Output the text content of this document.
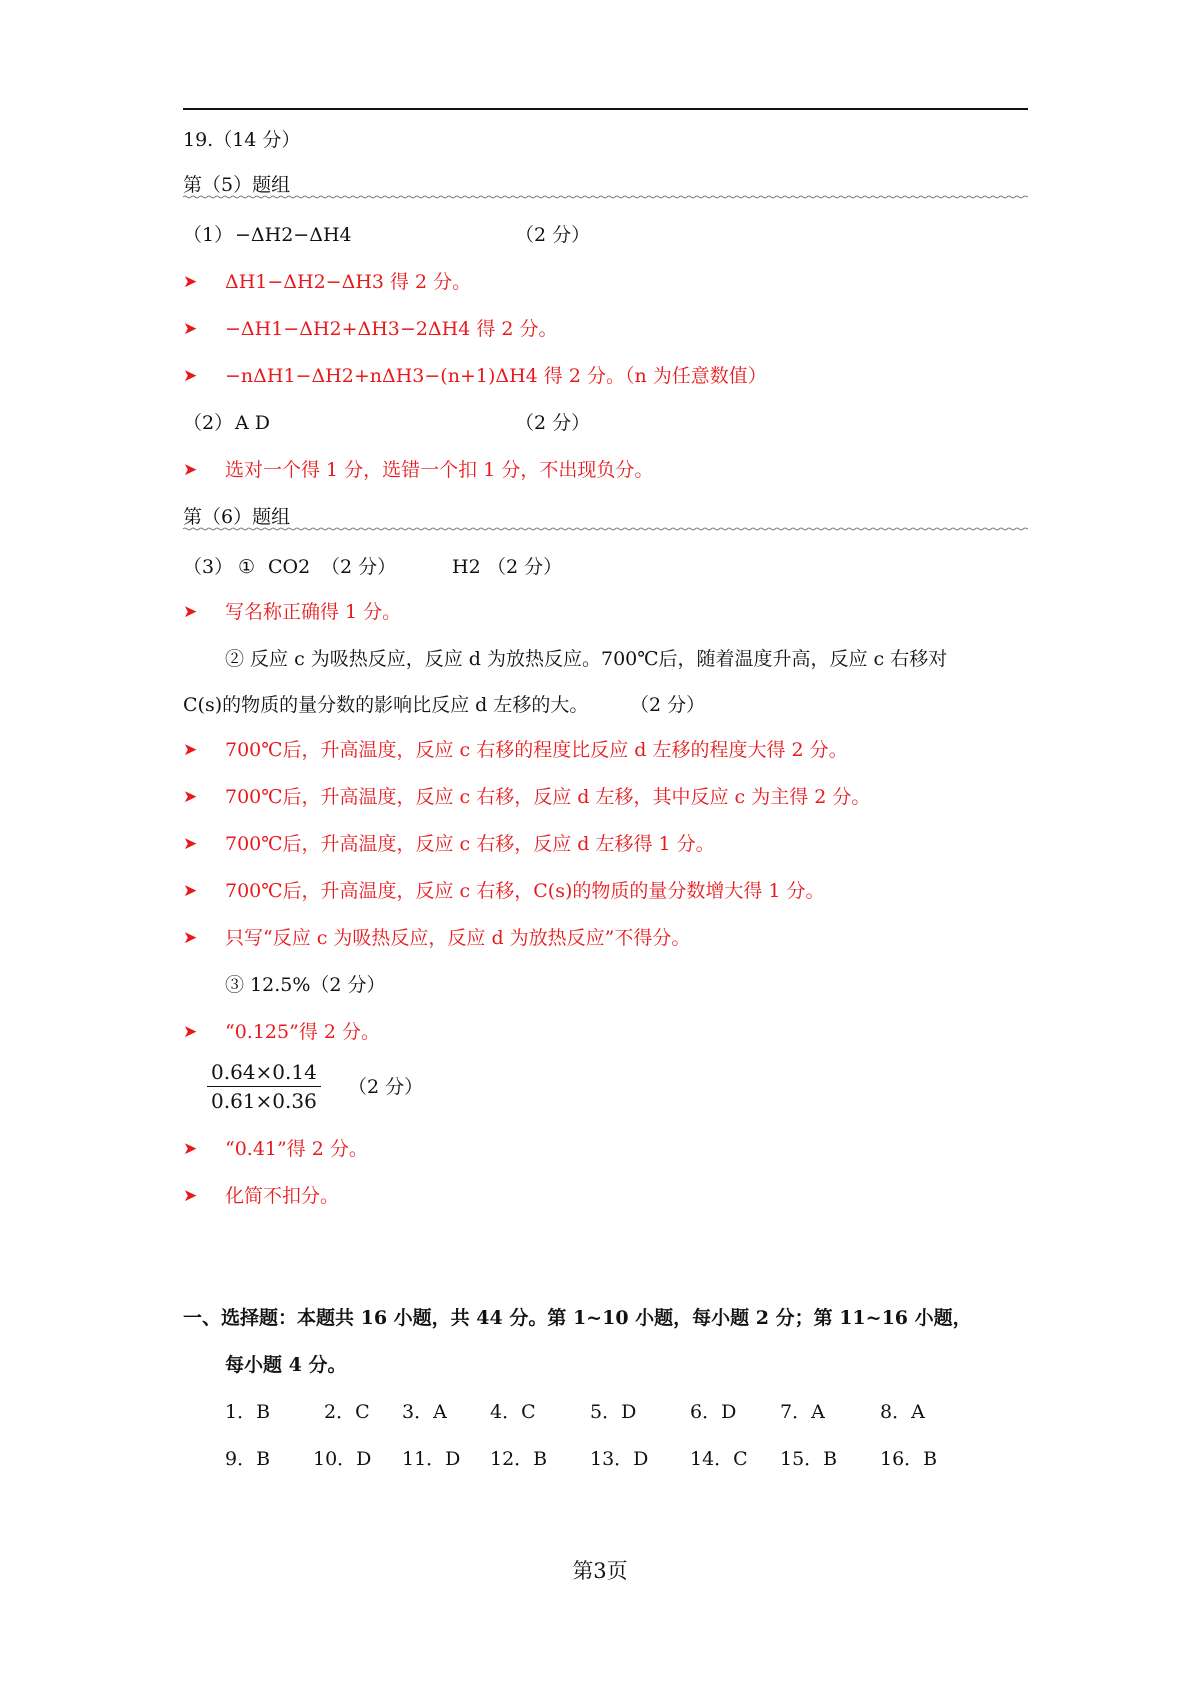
19.（14 分）
第（5）题组
（1） −ΔH2−ΔH4	（2 分）
➤ ΔH1−ΔH2−ΔH3 得 2 分。
➤ −ΔH1−ΔH2+ΔH3−2ΔH4 得 2 分。
➤ −nΔH1−ΔH2+nΔH3−(n+1)ΔH4 得 2 分。（n 为任意数值）
（2） A D	（2 分）
➤ 选对一个得 1 分，选错一个扣 1 分，不出现负分。
第（6）题组
（3） ① CO2 （2 分）	H2 （2 分）
➤ 写名称正确得 1 分。
② 反应 c 为吸热反应，反应 d 为放热反应。700℃后，随着温度升高，反应 c 右移对
C(s)的物质的量分数的影响比反应 d 左移的大。 （2 分）
➤ 700℃后，升高温度，反应 c 右移的程度比反应 d 左移的程度大得 2 分。
➤ 700℃后，升高温度，反应 c 右移，反应 d 左移，其中反应 c 为主得 2 分。
➤ 700℃后，升高温度，反应 c 右移，反应 d 左移得 1 分。
➤ 700℃后，升高温度，反应 c 右移，C(s)的物质的量分数增大得 1 分。
➤ 只写“反应 c 为吸热反应，反应 d 为放热反应”不得分。
③ 12.5%（2 分）
➤ “0.125”得 2 分。
0.64×0.14
0.61×0.36
（2 分）
➤ “0.41”得 2 分。
➤ 化简不扣分。
一、选择题：本题共 16 小题，共 44 分。第 1~10 小题，每小题 2 分；第 11~16 小题，
每小题 4 分。
1．B	2．C 3．A 4．C	5．D	6．D 7．A	8．A
9．B 10．D 11．D 12．B 13．D 14．C 15．B 16．B
第3页
